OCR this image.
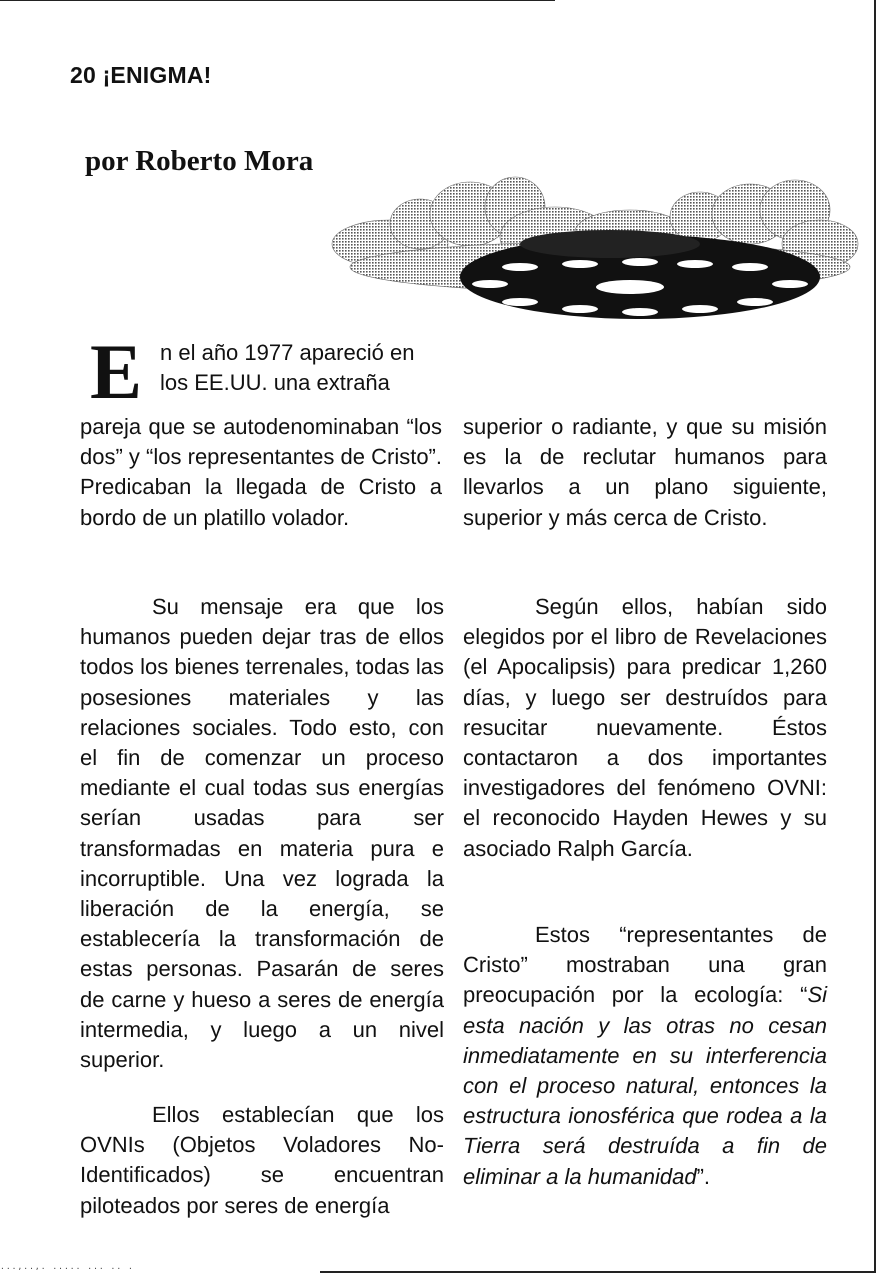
20 ¡ENIGMA!
por Roberto Mora
E n el año 1977 apareció en
los EE.UU. una extraña

pareja que se autodenominaban “los dos” y “los representantes de Cristo”. Predicaban la llegada de Cristo a bordo de un platillo volador.

Su mensaje era que los humanos pueden dejar tras de ellos todos los bienes terrenales, todas las posesiones materiales y las relaciones sociales. Todo esto, con el fin de comenzar un proceso mediante el cual todas sus energías serían usadas para ser transformadas en materia pura e incorruptible. Una vez lograda la liberación de la energía, se establecería la transformación de estas personas. Pasarán de seres de carne y hueso a seres de energía intermedia, y luego a un nivel superior.

Ellos establecían que los OVNIs (Objetos Voladores No-Identificados) se encuentran piloteados por seres de energía

superior o radiante, y que su misión es la de reclutar humanos para llevarlos a un plano siguiente, superior y más cerca de Cristo.

Según ellos, habían sido elegidos por el libro de Revelaciones (el Apocalipsis) para predicar 1,260 días, y luego ser destruídos para resucitar nuevamente. Éstos contactaron a dos importantes investigadores del fenómeno OVNI: el reconocido Hayden Hewes y su asociado Ralph García.

Estos “representantes de Cristo” mostraban una gran preocupación por la ecología: “Si esta nación y las otras no cesan inmediatamente en su interferencia con el proceso natural, entonces la estructura ionosférica que rodea a la Tierra será destruída a fin de eliminar a la humanidad”.

...,..,. ..... ... .. .
